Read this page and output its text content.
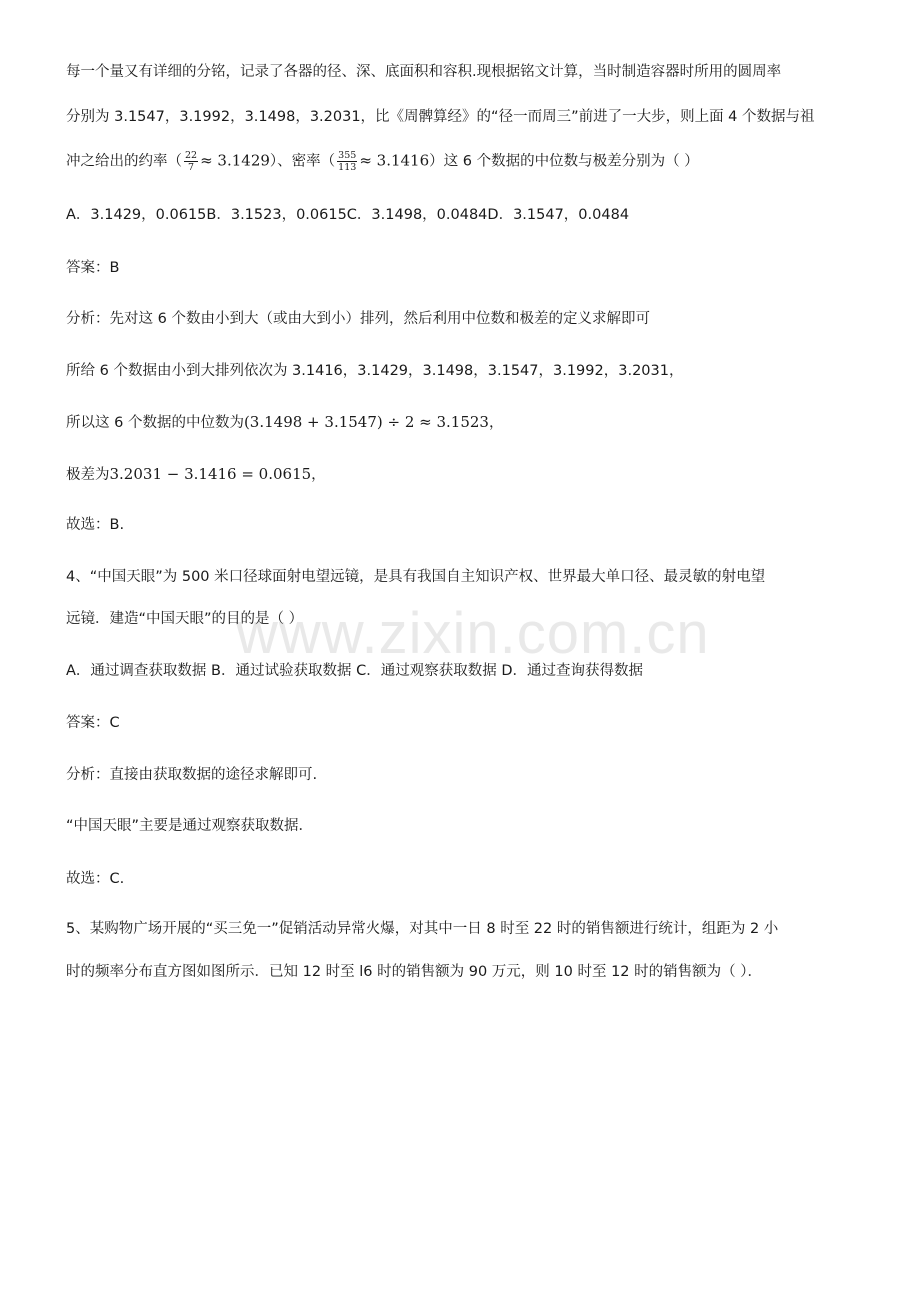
www.zixin.com.cn
每一个量又有详细的分铭，记录了各器的径、深、底面积和容积.现根据铭文计算，当时制造容器时所用的圆周率
分别为 3.1547，3.1992，3.1498，3.2031，比《周髀算经》的“径一而周三”前进了一大步，则上面 4 个数据与祖
冲之给出的约率（ $\frac{22}{7} \approx 3.1429$）、密率（ $\frac{355}{113} \approx 3.1416$）这 6 个数据的中位数与极差分别为（ ）
A．3.1429，0.0615B．3.1523，0.0615C．3.1498，0.0484D．3.1547，0.0484
答案：B
分析：先对这 6 个数由小到大（或由大到小）排列，然后利用中位数和极差的定义求解即可
所给 6 个数据由小到大排列依次为 3.1416，3.1429，3.1498，3.1547，3.1992，3.2031，
所以这 6 个数据的中位数为(3.1498 + 3.1547) ÷ 2 ≈ 3.1523，
极差为3.2031 − 3.1416 = 0.0615，
故选：B.
4、“中国天眼”为 500 米口径球面射电望远镜，是具有我国自主知识产权、世界最大单口径、最灵敏的射电望
远镜．建造“中国天眼”的目的是（ ）
A．通过调查获取数据 B．通过试验获取数据 C．通过观察获取数据 D．通过查询获得数据
答案：C
分析：直接由获取数据的途径求解即可.
“中国天眼”主要是通过观察获取数据．
故选：C.
5、某购物广场开展的“买三免一”促销活动异常火爆，对其中一日 8 时至 22 时的销售额进行统计，组距为 2 小
时的频率分布直方图如图所示．已知 12 时至 l6 时的销售额为 90 万元，则 10 时至 12 时的销售额为（ ）．
